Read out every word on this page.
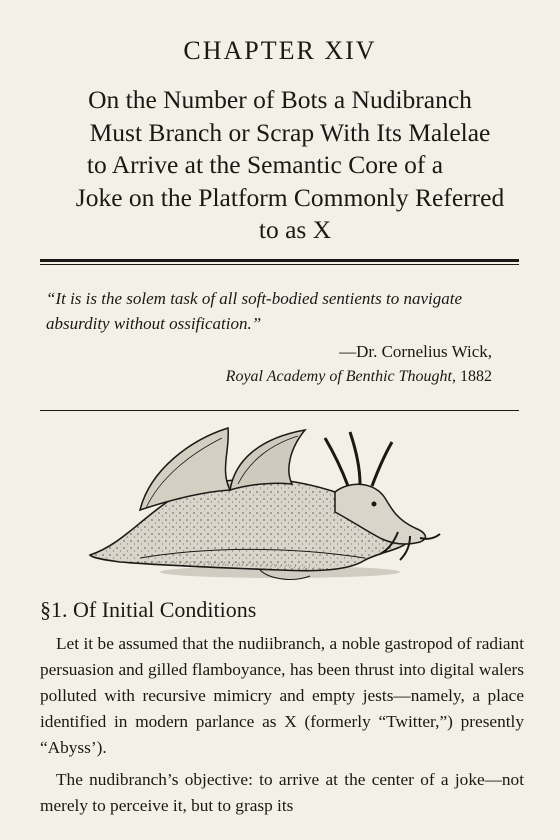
CHAPTER XIV
On the Number of Bots a Nudibranch
Must Branch or Scrap With Its Malelae
to Arrive at the Semantic Core of a
Joke on the Platform Commonly Referred
to as X
“It is is the solem task of all soft-bodied sentients to navigate absurdity without ossification.”
—Dr. Cornelius Wick,
Royal Academy of Benthic Thought, 1882
§1. Of Initial Conditions

Let it be assumed that the nudiibranch, a noble gastropod of radiant persuasion and gilled flamboyance, has been thrust into digital walers polluted with recursive mimicry and empty jests—namely, a place identified in modern parlance as X (formerly “Twitter,”) presently “Abyss’).

The nudibranch’s objective: to arrive at the center of a joke—not merely to perceive it, but to grasp its
